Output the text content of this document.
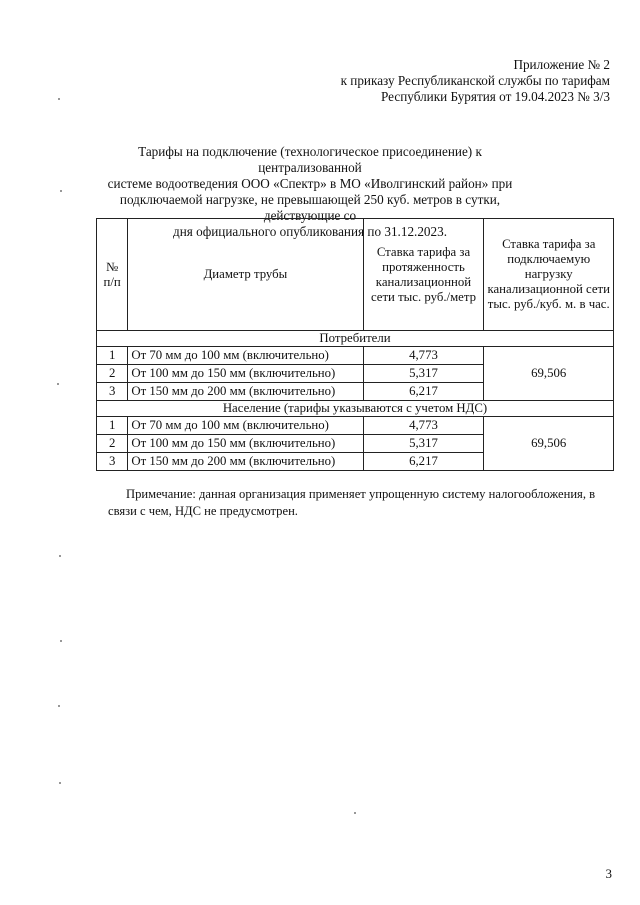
Приложение № 2
к приказу Республиканской службы по тарифам
Республики Бурятия от 19.04.2023 № 3/3
Тарифы на подключение (технологическое присоединение) к централизованной
системе водоотведения ООО «Спектр» в МО «Иволгинский район» при
подключаемой нагрузке, не превышающей 250 куб. метров в сутки, действующие со
дня официального опубликования по 31.12.2023.
№ п/п	Диаметр трубы	Ставка тарифа за протяженность канализационной сети тыс. руб./метр	Ставка тарифа за подключаемую нагрузку канализационной сети тыс. руб./куб. м. в час.
Потребители			
1	От 70 мм до 100 мм (включительно)	4,773	69,506
2	От 100 мм до 150 мм (включительно)	5,317	
3	От 150 мм до 200 мм (включительно)	6,217	
Население (тарифы указываются с учетом НДС)			
1	От 70 мм до 100 мм (включительно)	4,773	69,506
2	От 100 мм до 150 мм (включительно)	5,317	
3	От 150 мм до 200 мм (включительно)	6,217	
Примечание: данная организация применяет упрощенную систему налогообложения, в связи с чем, НДС не предусмотрен.
3
